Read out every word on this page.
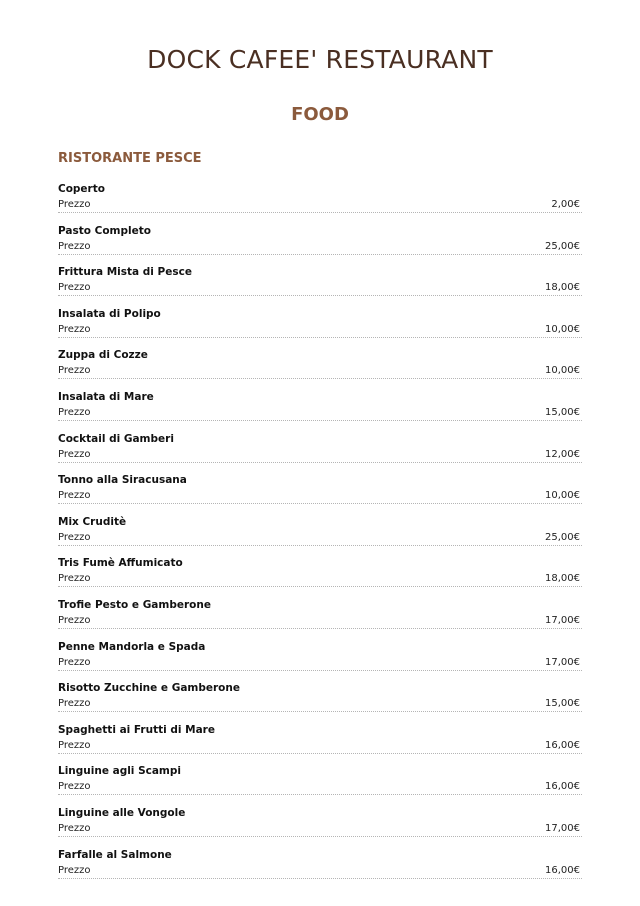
DOCK CAFEE' RESTAURANT
FOOD
RISTORANTE PESCE
Coperto
Prezzo	2,00€
Pasto Completo
Prezzo	25,00€
Frittura Mista di Pesce
Prezzo	18,00€
Insalata di Polipo
Prezzo	10,00€
Zuppa di Cozze
Prezzo	10,00€
Insalata di Mare
Prezzo	15,00€
Cocktail di Gamberi
Prezzo	12,00€
Tonno alla Siracusana
Prezzo	10,00€
Mix Cruditè
Prezzo	25,00€
Tris Fumè Affumicato
Prezzo	18,00€
Trofie Pesto e Gamberone
Prezzo	17,00€
Penne Mandorla e Spada
Prezzo	17,00€
Risotto Zucchine e Gamberone
Prezzo	15,00€
Spaghetti ai Frutti di Mare
Prezzo	16,00€
Linguine agli Scampi
Prezzo	16,00€
Linguine alle Vongole
Prezzo	17,00€
Farfalle al Salmone
Prezzo	16,00€
